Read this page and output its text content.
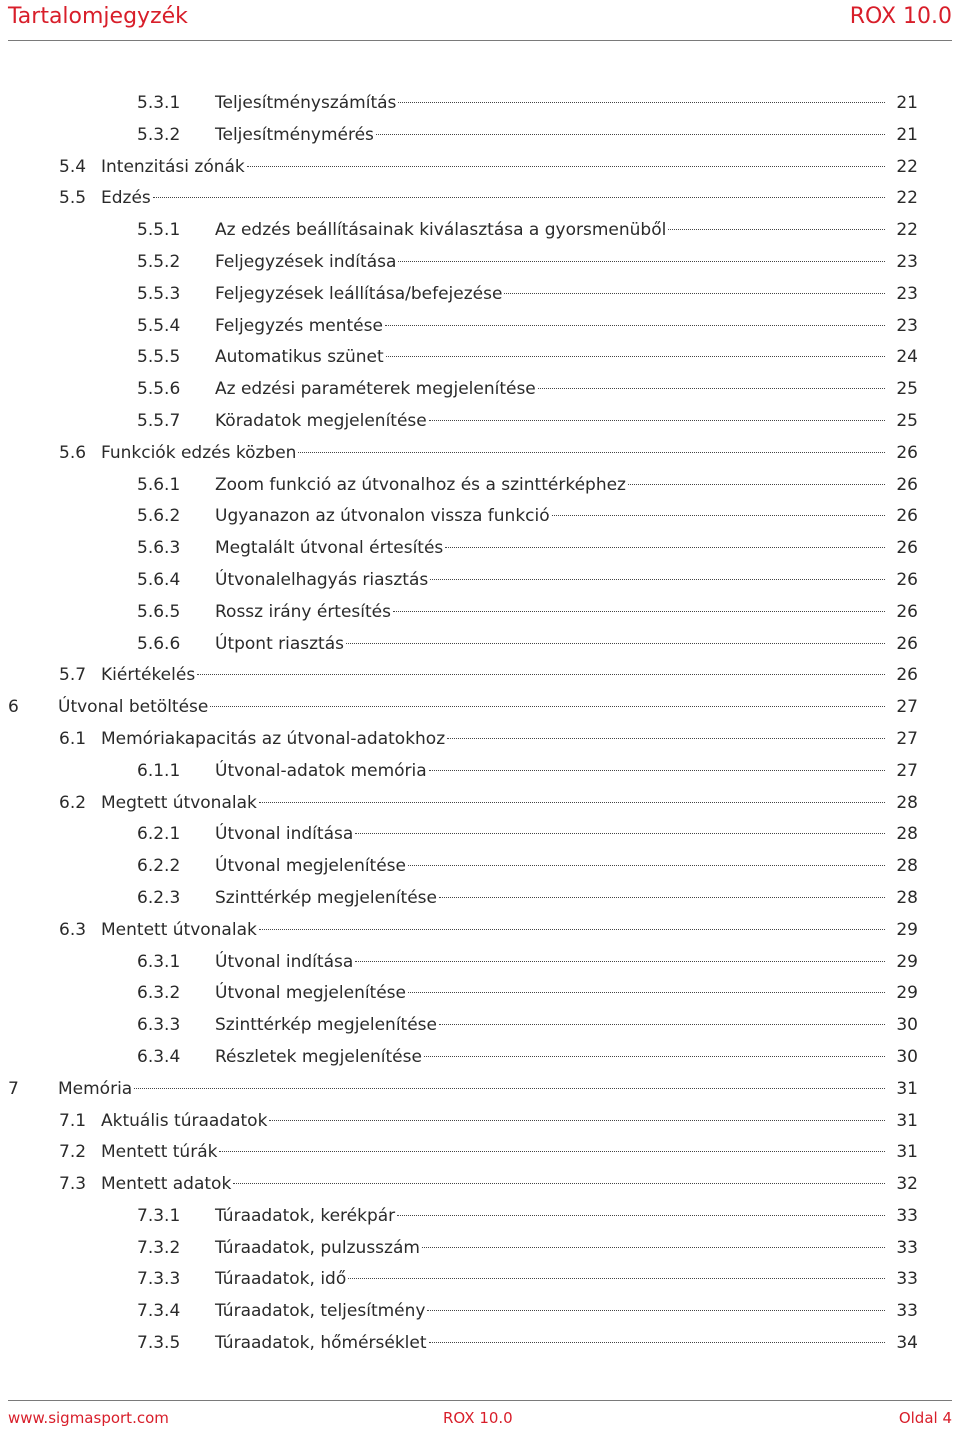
Tartalomjegyzék	ROX 10.0
5.3.1 Teljesítményszámítás	21
5.3.2 Teljesítménymérés	21
5.4 Intenzitási zónák	22
5.5 Edzés	22
5.5.1 Az edzés beállításainak kiválasztása a gyorsmenüből	22
5.5.2 Feljegyzések indítása	23
5.5.3 Feljegyzések leállítása/befejezése	23
5.5.4 Feljegyzés mentése	23
5.5.5 Automatikus szünet	24
5.5.6 Az edzési paraméterek megjelenítése	25
5.5.7 Köradatok megjelenítése	25
5.6 Funkciók edzés közben	26
5.6.1 Zoom funkció az útvonalhoz és a szinttérképhez	26
5.6.2 Ugyanazon az útvonalon vissza funkció	26
5.6.3 Megtalált útvonal értesítés	26
5.6.4 Útvonalelhagyás riasztás	26
5.6.5 Rossz irány értesítés	26
5.6.6 Útpont riasztás	26
5.7 Kiértékelés	26
6 Útvonal betöltése	27
6.1 Memóriakapacitás az útvonal-adatokhoz	27
6.1.1 Útvonal-adatok memória	27
6.2 Megtett útvonalak	28
6.2.1 Útvonal indítása	28
6.2.2 Útvonal megjelenítése	28
6.2.3 Szinttérkép megjelenítése	28
6.3 Mentett útvonalak	29
6.3.1 Útvonal indítása	29
6.3.2 Útvonal megjelenítése	29
6.3.3 Szinttérkép megjelenítése	30
6.3.4 Részletek megjelenítése	30
7 Memória	31
7.1 Aktuális túraadatok	31
7.2 Mentett túrák	31
7.3 Mentett adatok	32
7.3.1 Túraadatok, kerékpár	33
7.3.2 Túraadatok, pulzusszám	33
7.3.3 Túraadatok, idő	33
7.3.4 Túraadatok, teljesítmény	33
7.3.5 Túraadatok, hőmérséklet	34
www.sigmasport.com	ROX 10.0	Oldal 4
